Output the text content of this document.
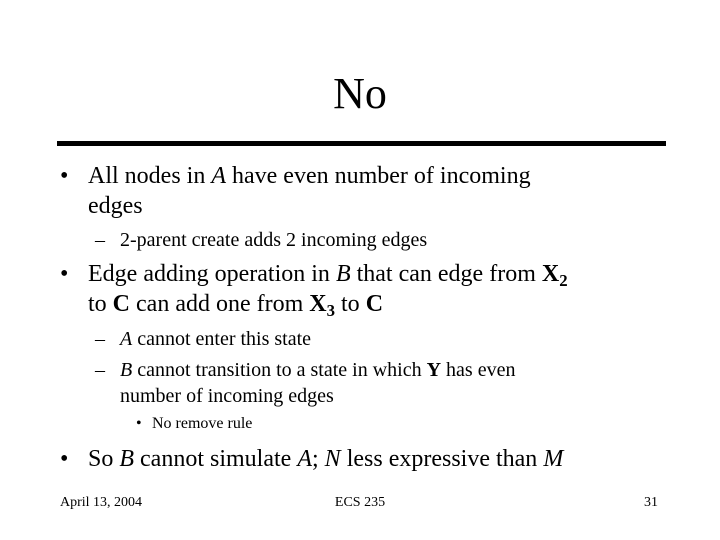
No
• All nodes in A have even number of incoming
edges
– 2-parent create adds 2 incoming edges
• Edge adding operation in B that can edge from $X_2$
to C can add one from $X_3$ to C
– A cannot enter this state
– B cannot transition to a state in which Y has even
number of incoming edges
• No remove rule
• So B cannot simulate A; N less expressive than M
April 13, 2004	ECS 235	31
